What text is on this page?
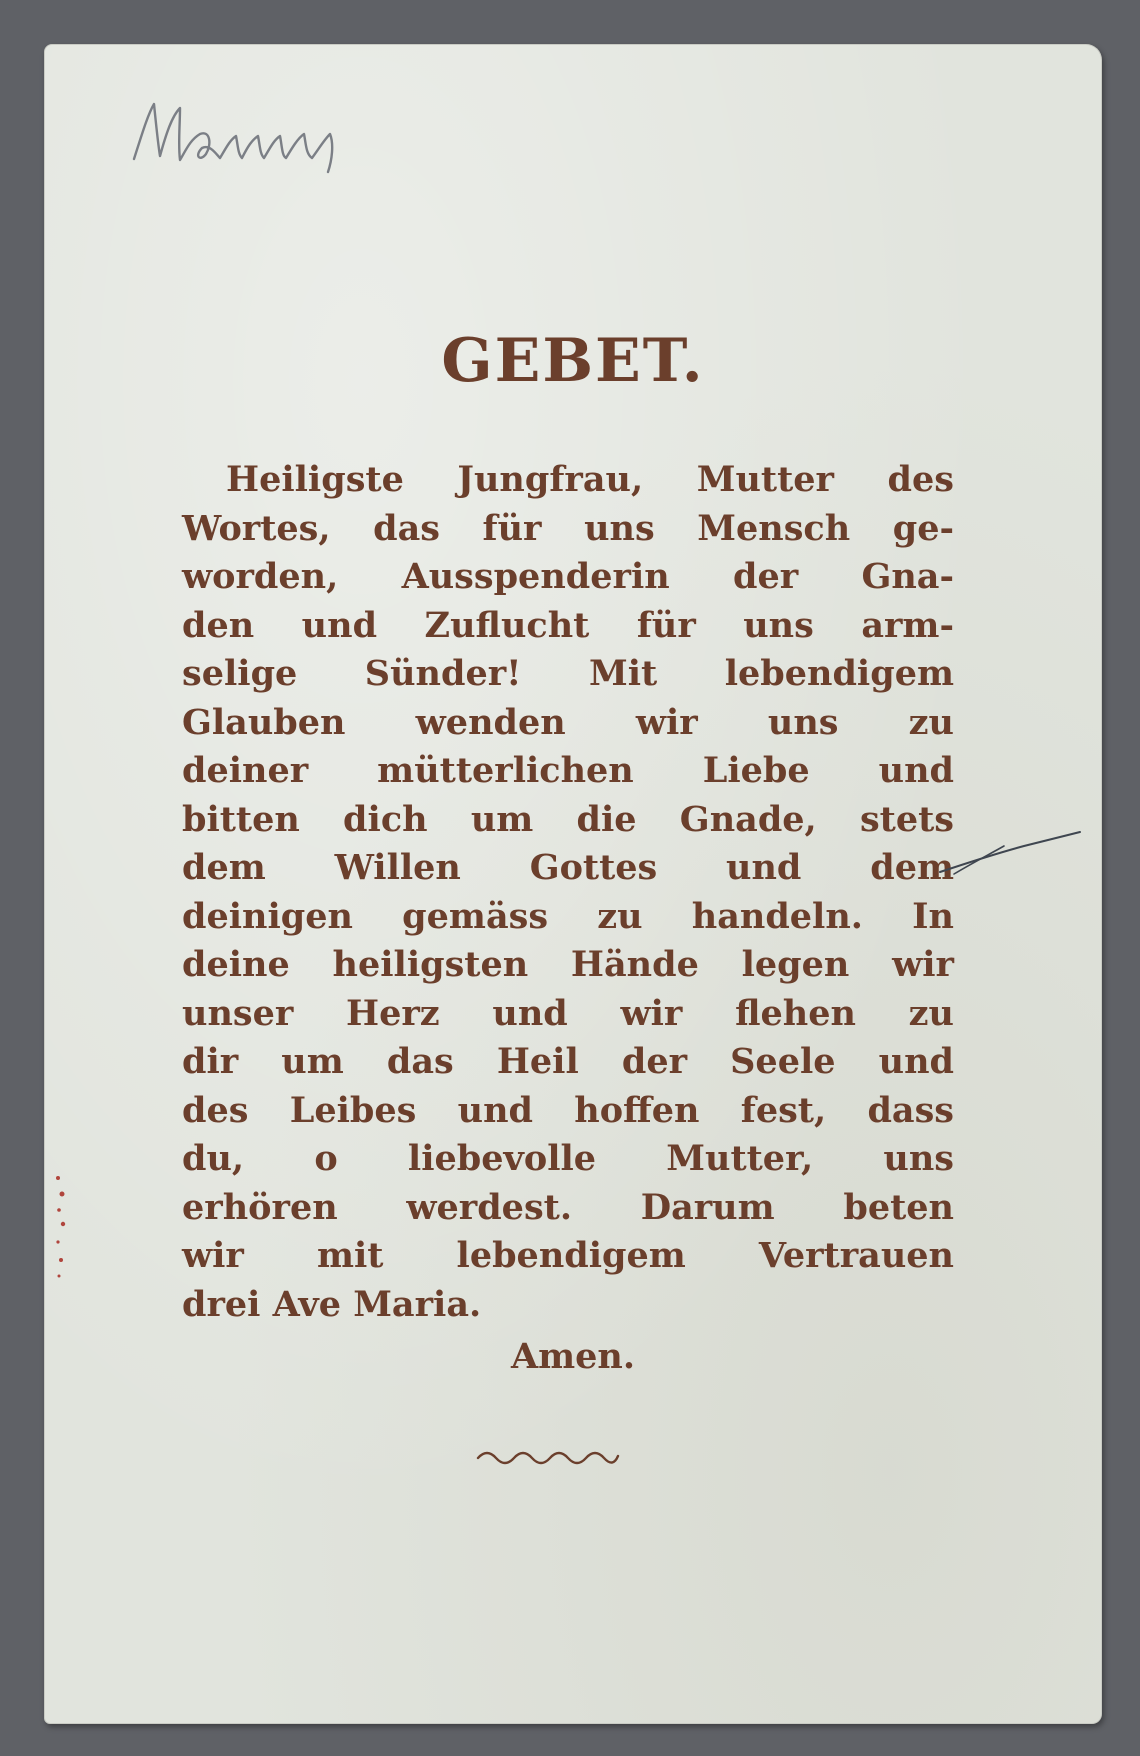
GEBET.
Heiligste Jungfrau, Mutter des
Wortes, das für uns Mensch ge-
worden, Ausspenderin der Gna-
den und Zuflucht für uns arm-
selige Sünder! Mit lebendigem
Glauben wenden wir uns zu
deiner mütterlichen Liebe und
bitten dich um die Gnade, stets
dem Willen Gottes und dem
deinigen gemäss zu handeln. In
deine heiligsten Hände legen wir
unser Herz und wir flehen zu
dir um das Heil der Seele und
des Leibes und hoffen fest, dass
du, o liebevolle Mutter, uns
erhören werdest. Darum beten
wir mit lebendigem Vertrauen
drei Ave Maria.

Amen.
